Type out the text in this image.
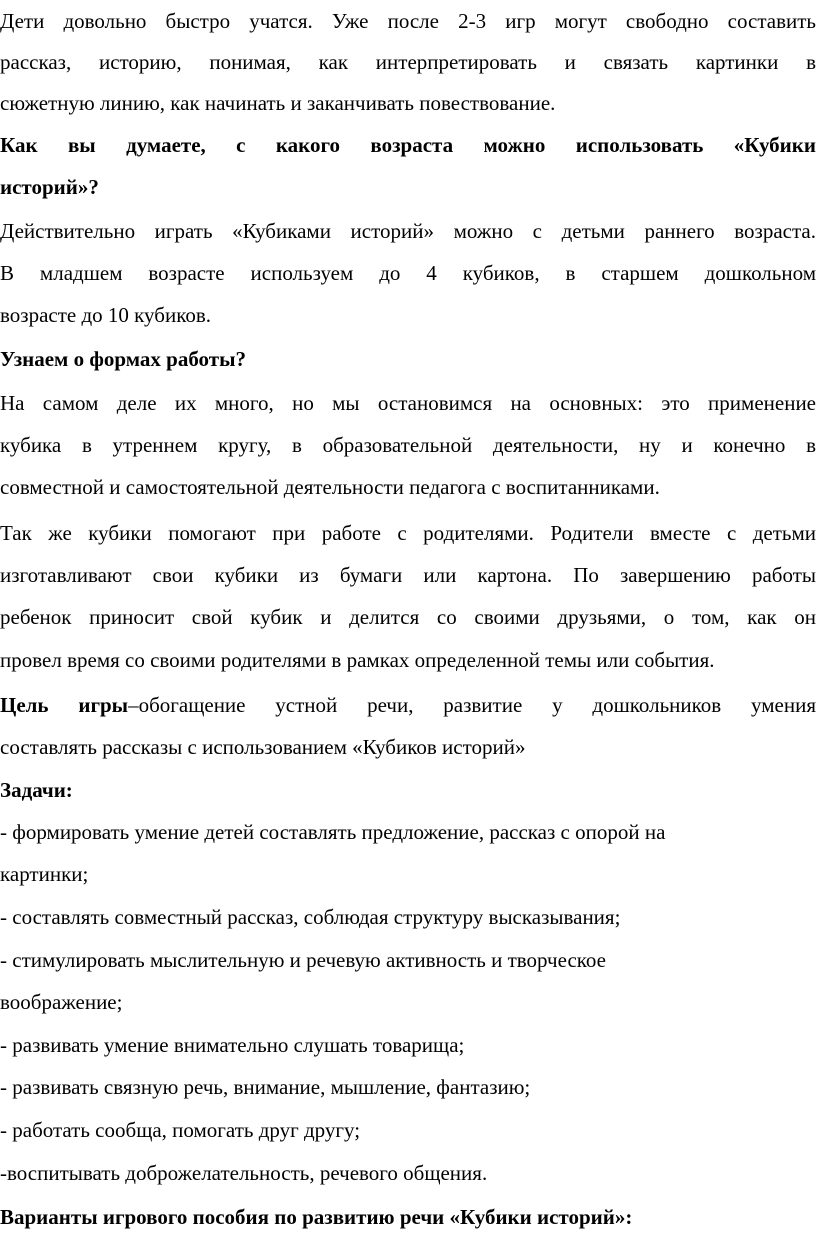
Дети довольно быстро учатся. Уже после 2-3 игр могут свободно составить

рассказ, историю, понимая, как интерпретировать и связать картинки в

сюжетную линию, как начинать и заканчивать повествование.

Как вы думаете, с какого возраста можно использовать «Кубики

историй»?

Действительно играть «Кубиками историй» можно с детьми раннего возраста.

В младшем возрасте используем до 4 кубиков, в старшем дошкольном

возрасте до 10 кубиков.

Узнаем о формах работы?

На самом деле их много, но мы остановимся на основных: это применение

кубика в утреннем кругу, в образовательной деятельности, ну и конечно в

совместной и самостоятельной деятельности педагога с воспитанниками.

Так же кубики помогают при работе с родителями. Родители вместе с детьми

изготавливают свои кубики из бумаги или картона. По завершению работы

ребенок приносит свой кубик и делится со своими друзьями, о том, как он

провел время со своими родителями в рамках определенной темы или события.

Цель игры–обогащение устной речи, развитие у дошкольников умения

составлять рассказы с использованием «Кубиков историй»

Задачи:

- формировать умение детей составлять предложение, рассказ с опорой на

картинки;

- составлять совместный рассказ, соблюдая структуру высказывания;

- стимулировать мыслительную и речевую активность и творческое

воображение;

- развивать умение внимательно слушать товарища;

- развивать связную речь, внимание, мышление, фантазию;

- работать сообща, помогать друг другу;

-воспитывать доброжелательность, речевого общения.

Варианты игрового пособия по развитию речи «Кубики историй»:
